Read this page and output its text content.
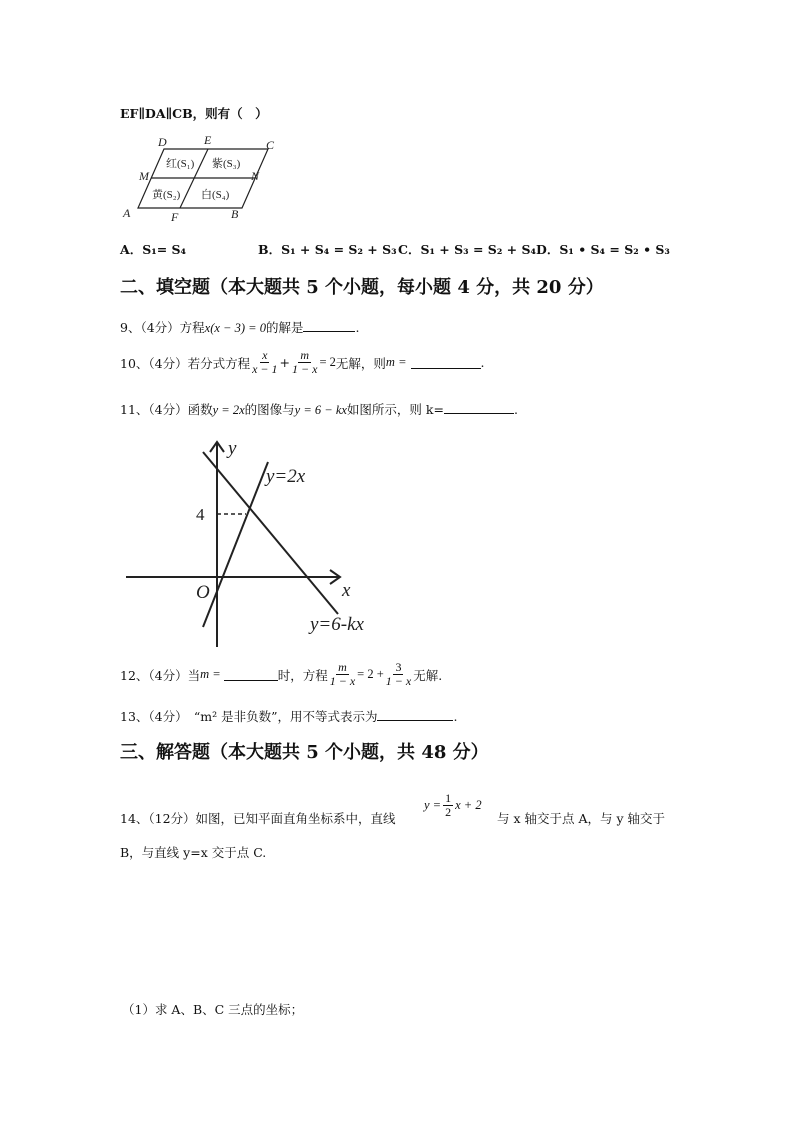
EF∥DA∥CB，则有（　）
D	E	C
M	N
A	F	B
红(S₁) 紫(S₃)
黄(S₂) 白(S₄)
A．S₁= S₄	B．S₁ + S₄ = S₂ + S₃ C．S₁ + S₃ = S₂ + S₄ D．S₁ • S₄ = S₂ • S₃
二、填空题（本大题共 5 个小题，每小题 4 分，共 20 分）
9、（4分）方程x(x − 3) = 0的解是	.
10、（4分）若分式方程 $\frac{x}{x - 1} + \frac{m}{1 - x} = 2$ 无解，则 m =	.
11、（4分）函数y = 2x的图像与y = 6 − kx如图所示，则 k=	.
y
x
O
y=2x
y=6-kx
4
12、（4分）当 m =	时，方程 $\frac{m}{1 - x} = 2 + \frac{3}{1 - x}$ 无解.
13、（4分）　“m² 是非负数”，用不等式表示为	.
三、解答题（本大题共 5 个小题，共 48 分）
14、（12分）如图，已知平面直角坐标系中，直线
$y = \frac{1}{2}$ x + 2
与 x 轴交于点 A，与 y 轴交于
B，与直线 y=x 交于点 C.
（1）求 A、B、C 三点的坐标；
